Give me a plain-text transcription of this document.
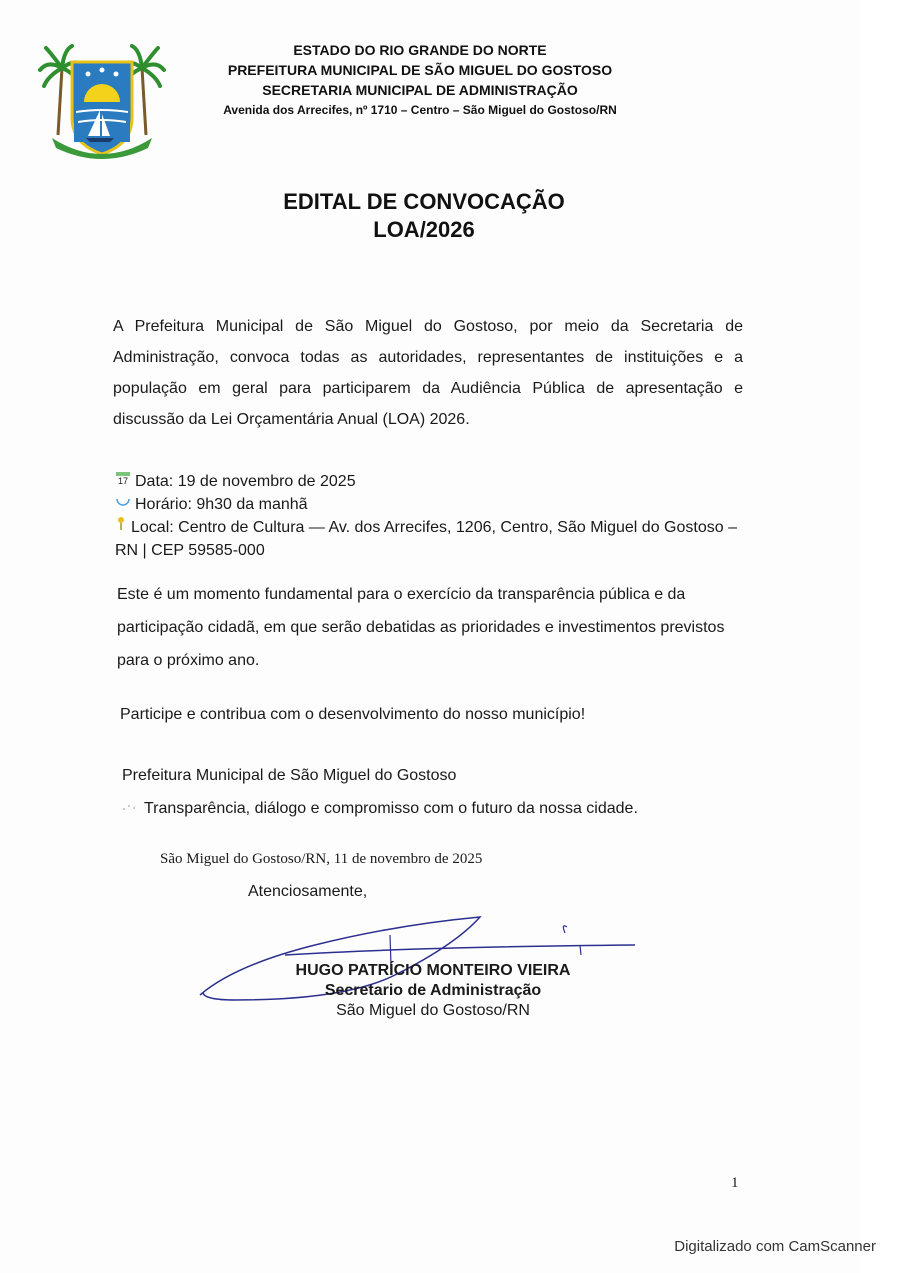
ESTADO DO RIO GRANDE DO NORTE
PREFEITURA MUNICIPAL DE SÃO MIGUEL DO GOSTOSO
SECRETARIA MUNICIPAL DE ADMINISTRAÇÃO
Avenida dos Arrecifes, nº 1710 – Centro – São Miguel do Gostoso/RN
EDITAL DE CONVOCAÇÃO
LOA/2026
A Prefeitura Municipal de São Miguel do Gostoso, por meio da Secretaria de Administração, convoca todas as autoridades, representantes de instituições e a população em geral para participarem da Audiência Pública de apresentação e discussão da Lei Orçamentária Anual (LOA) 2026.
17 Data: 19 de novembro de 2025
Horário: 9h30 da manhã
Local: Centro de Cultura — Av. dos Arrecifes, 1206, Centro, São Miguel do Gostoso – RN | CEP 59585-000
Este é um momento fundamental para o exercício da transparência pública e da participação cidadã, em que serão debatidas as prioridades e investimentos previstos para o próximo ano.
Participe e contribua com o desenvolvimento do nosso município!
Prefeitura Municipal de São Miguel do Gostoso
Transparência, diálogo e compromisso com o futuro da nossa cidade.
São Miguel do Gostoso/RN, 11 de novembro de 2025
Atenciosamente,
HUGO PATRÍCIO MONTEIRO VIEIRA
Secretario de Administração
São Miguel do Gostoso/RN
1
Digitalizado com CamScanner
